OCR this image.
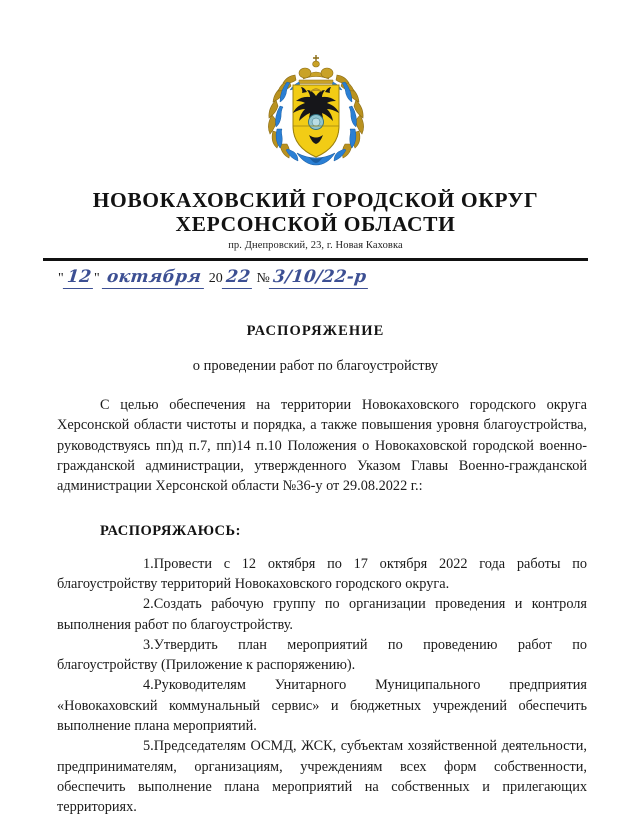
НОВОКАХОВСКИЙ ГОРОДСКОЙ ОКРУГ
ХЕРСОНСКОЙ ОБЛАСТИ
пр. Днепровский, 23, г. Новая Каховка
" 12 " октября 20 22 № 3/10/22-р
РАСПОРЯЖЕНИЕ
о проведении работ по благоустройству

С целью обеспечения на территории Новокаховского городского округа Херсонской области чистоты и порядка, а также повышения уровня благоустройства, руководствуясь пп)д п.7, пп)14 п.10 Положения о Новокаховской городской военно-гражданской администрации, утвержденного Указом Главы Военно-гражданской администрации Херсонской области №36-у от 29.08.2022 г.:

РАСПОРЯЖАЮСЬ:

1.Провести с 12 октября по 17 октября 2022 года работы по благоустройству территорий Новокаховского городского округа.

2.Создать рабочую группу по организации проведения и контроля выполнения работ по благоустройству.

3.Утвердить план мероприятий по проведению работ по благоустройству (Приложение к распоряжению).

4.Руководителям Унитарного Муниципального предприятия «Новокаховский коммунальный сервис» и бюджетных учреждений обеспечить выполнение плана мероприятий.

5.Председателям ОСМД, ЖСК, субъектам хозяйственной деятельности, предпринимателям, организациям, учреждениям всех форм собственности, обеспечить выполнение плана мероприятий на собственных и прилегающих территориях.
